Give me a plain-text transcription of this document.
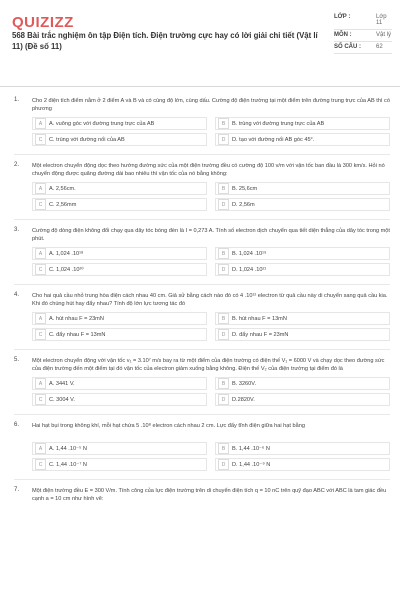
QUIZIZZ
568 Bài trắc nghiệm ôn tập Điện tích. Điện trường cực hay có lời giải chi tiết (Vật lí 11) (Đề số 11)
LỚP :	Lớp 11
MÔN :	Vật lý
SỐ CÂU :	62
1. Cho 2 điện tích điểm nằm ở 2 điểm A và B và có cùng độ lớn, cùng dấu. Cường độ điện trường tại một điểm trên đường trung trực của AB thì có phương
A	A. vuông góc với đường trung trực của AB	B	B. trùng với đường trung trực của AB
C	C. trùng với đường nối của AB	D	D. tạo với đường nối AB góc 45°.
2. Một electron chuyển động dọc theo hướng đường sức của một điện trường đều có cường độ 100 v/m với vận tốc ban đầu là 300 km/s. Hỏi nó chuyển động được quãng đường dài bao nhiêu thì vận tốc của nó bằng không:
A	A. 2,56cm.	B	B. 25,6cm
C	C. 2,56mm	D	D. 2,56m
3. Cường độ dòng điện không đổi chạy qua dây tóc bóng đèn là I = 0,273 A. Tính số electron dịch chuyển qua tiết diện thẳng của dây tóc trong một phút.
A	A. 1,024 .10¹⁸	B	B. 1,024 .10¹⁹
C	C. 1,024 .10²⁰	D	D. 1,024 .10²¹
4. Cho hai quả cầu nhỏ trung hòa điện cách nhau 40 cm. Giả sử bằng cách nào đó có 4 .10¹² electron từ quả cầu này di chuyển sang quả cầu kia. Khi đó chúng hút hay đẩy nhau? Tính độ lớn lực tương tác đó
A	A. hút nhau F = 23mN	B	B. hút nhau F = 13mN
C	C. đẩy nhau F = 13mN	D	D. đẩy nhau F = 23mN
5. Một electron chuyển động với vận tốc v₁ = 3.10⁷ m/s bay ra từ một điểm của điện trường có điện thế V₁ = 6000 V và chạy dọc theo đường sức của điện trường đến một điểm tại đó vận tốc của electron giảm xuống bằng không. Điện thế V₂ của điện trường tại điểm đó là
A	A. 3441 V.	B	B. 3260V.
C	C. 3004 V.	D	D.2820V.
6. Hai hạt bụi trong không khí, mỗi hạt chứa 5 .10⁸ electron cách nhau 2 cm. Lực đẩy tĩnh điện giữa hai hạt bằng
A	A. 1,44 .10⁻⁵ N	B	B. 1,44 .10⁻⁶ N
C	C. 1,44 .10⁻⁷ N	D	D. 1,44 .10⁻⁹ N
7. Một điện trường đều E = 300 V/m. Tính công của lực điện trường trên di chuyển điện tích q = 10 nC trên quỹ đạo ABC với ABC là tam giác đều cạnh a = 10 cm như hình vẽ:
